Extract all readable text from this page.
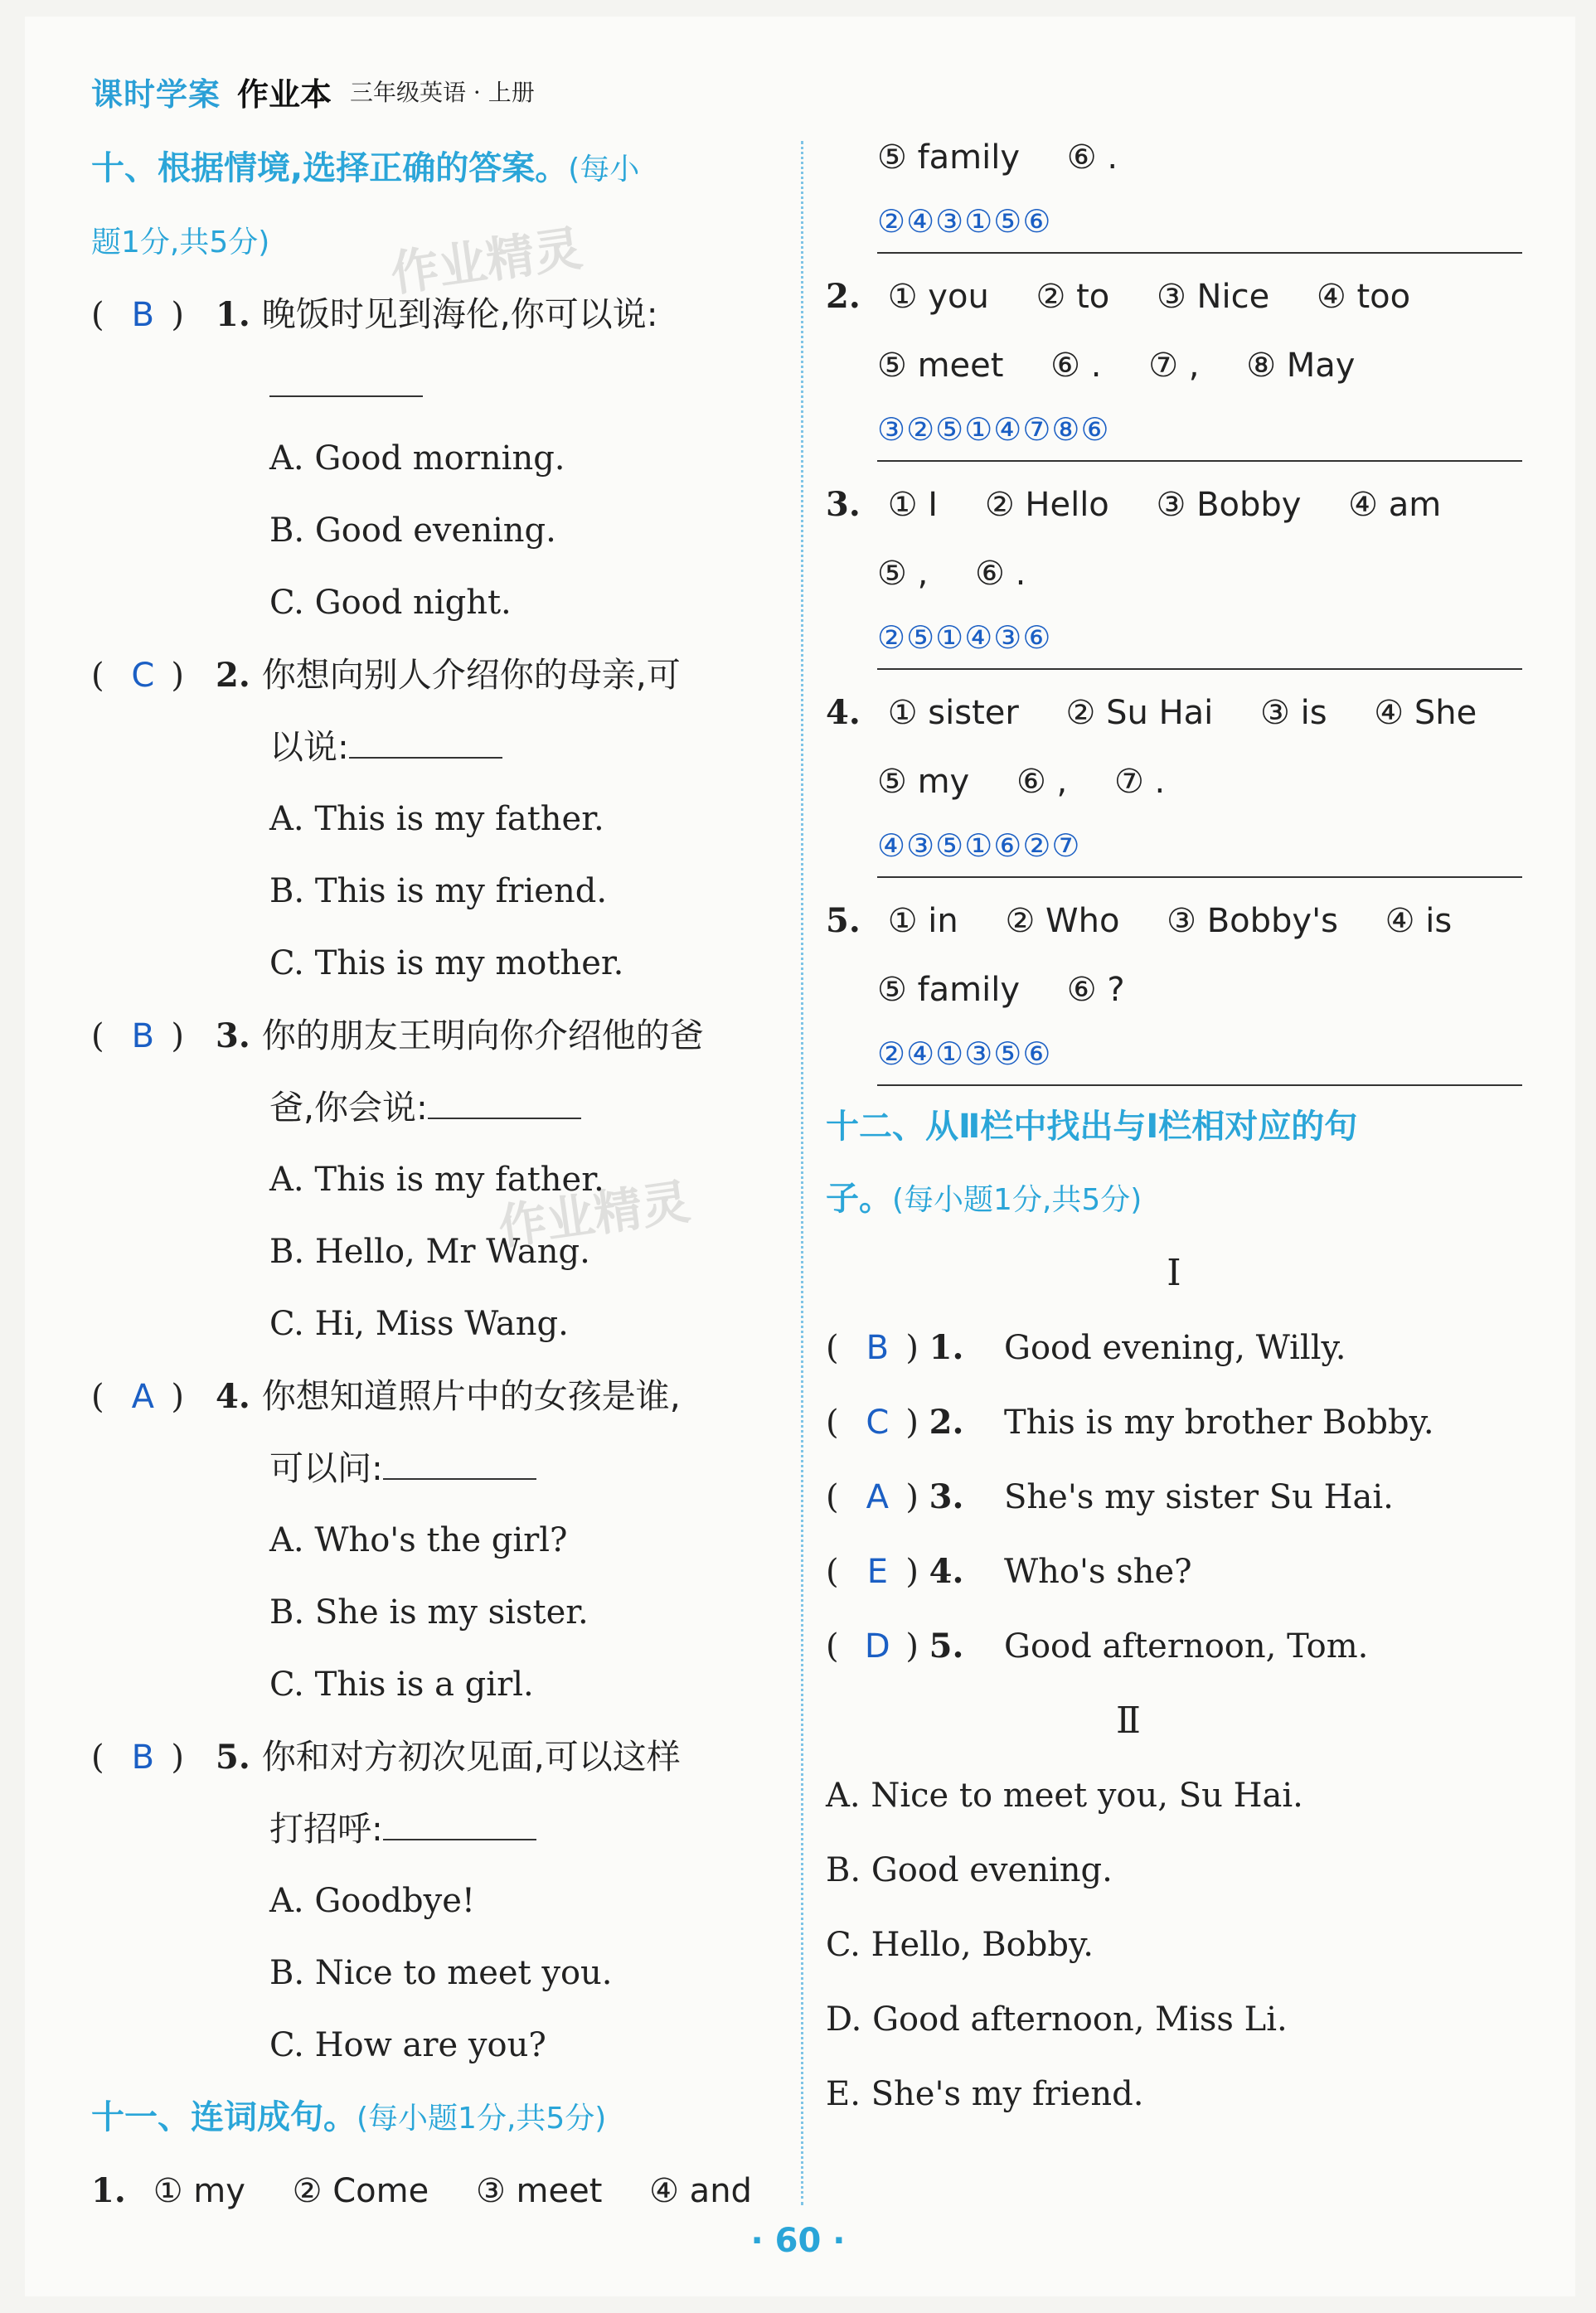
课时学案 作业本 三年级英语 · 上册
作业精灵
作业精灵
十、根据情境,选择正确的答案。(每小
题1分,共5分)
( B ) 1. 晚饭时见到海伦,你可以说:
A. Good morning.
B. Good evening.
C. Good night.
( C ) 2. 你想向别人介绍你的母亲,可
以说:
A. This is my father.
B. This is my friend.
C. This is my mother.
( B ) 3. 你的朋友王明向你介绍他的爸
爸,你会说:
A. This is my father.
B. Hello, Mr Wang.
C. Hi, Miss Wang.
( A ) 4. 你想知道照片中的女孩是谁,
可以问:
A. Who's the girl?
B. She is my sister.
C. This is a girl.
( B ) 5. 你和对方初次见面,可以这样
打招呼:
A. Goodbye!
B. Nice to meet you.
C. How are you?
十一、连词成句。(每小题1分,共5分)
1. ① my ② Come ③ meet ④ and
⑤ family ⑥ .
②④③①⑤⑥
2. ① you ② to ③ Nice ④ too
⑤ meet ⑥ . ⑦ , ⑧ May
③②⑤①④⑦⑧⑥
3. ① I ② Hello ③ Bobby ④ am
⑤ , ⑥ .
②⑤①④③⑥
4. ① sister ② Su Hai ③ is ④ She
⑤ my ⑥ , ⑦ .
④③⑤①⑥②⑦
5. ① in ② Who ③ Bobby's ④ is
⑤ family ⑥ ?
②④①③⑤⑥
十二、从Ⅱ栏中找出与Ⅰ栏相对应的句
子。(每小题1分,共5分)
Ⅰ
( B ) 1.	Good evening, Willy.
( C ) 2.	This is my brother Bobby.
( A ) 3.	She's my sister Su Hai.
( E ) 4.	Who's she?
( D ) 5.	Good afternoon, Tom.
Ⅱ
A. Nice to meet you, Su Hai.
B. Good evening.
C. Hello, Bobby.
D. Good afternoon, Miss Li.
E. She's my friend.
· 60 ·
